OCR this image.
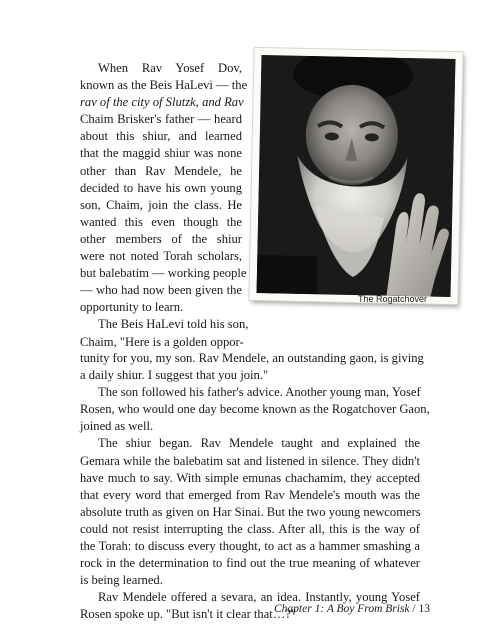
The Rogatchover
When Rav Yosef Dov,
known as the Beis HaLevi — the
rav of the city of Slutzk, and Rav
Chaim Brisker's father — heard
about this shiur, and learned
that the maggid shiur was none
other than Rav Mendele, he
decided to have his own young
son, Chaim, join the class. He
wanted this even though the
other members of the shiur
were not noted Torah scholars,
but balebatim — working people
— who had now been given the
opportunity to learn.
The Beis HaLevi told his son,
Chaim, "Here is a golden oppor-
tunity for you, my son. Rav Mendele, an outstanding gaon, is giving
a daily shiur. I suggest that you join."
The son followed his father's advice. Another young man, Yosef
Rosen, who would one day become known as the Rogatchover Gaon,
joined as well.
The shiur began. Rav Mendele taught and explained the
Gemara while the balebatim sat and listened in silence. They didn't
have much to say. With simple emunas chachamim, they accepted
that every word that emerged from Rav Mendele's mouth was the
absolute truth as given on Har Sinai. But the two young newcomers
could not resist interrupting the class. After all, this is the way of
the Torah: to discuss every thought, to act as a hammer smashing a
rock in the determination to find out the true meaning of whatever
is being learned.
Rav Mendele offered a sevara, an idea. Instantly, young Yosef
Rosen spoke up. "But isn't it clear that…?"
Chapter 1: A Boy From Brisk / 13
